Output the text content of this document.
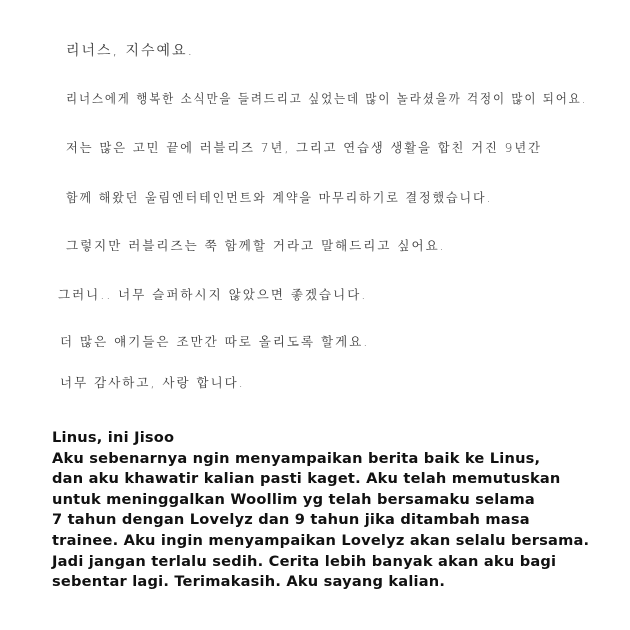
리너스, 지수예요.
리너스에게 행복한 소식만을 들려드리고 싶었는데 많이 놀라셨을까 걱정이 많이 되어요.
저는 많은 고민 끝에 러블리즈 7년, 그리고 연습생 생활을 합친 거진 9년간
함께 해왔던 울림엔터테인먼트와 계약을 마무리하기로 결정했습니다.
그렇지만 러블리즈는 쭉 함께할 거라고 말해드리고 싶어요.
그러니.. 너무 슬퍼하시지 않았으면 좋겠습니다.
더 많은 얘기들은 조만간 따로 올리도록 할게요.
너무 감사하고, 사랑 합니다.
Linus, ini Jisoo
Aku sebenarnya ngin menyampaikan berita baik ke Linus,
dan aku khawatir kalian pasti kaget. Aku telah memutuskan
untuk meninggalkan Woollim yg telah bersamaku selama
7 tahun dengan Lovelyz dan 9 tahun jika ditambah masa
trainee. Aku ingin menyampaikan Lovelyz akan selalu bersama.
Jadi jangan terlalu sedih. Cerita lebih banyak akan aku bagi
sebentar lagi. Terimakasih. Aku sayang kalian.
